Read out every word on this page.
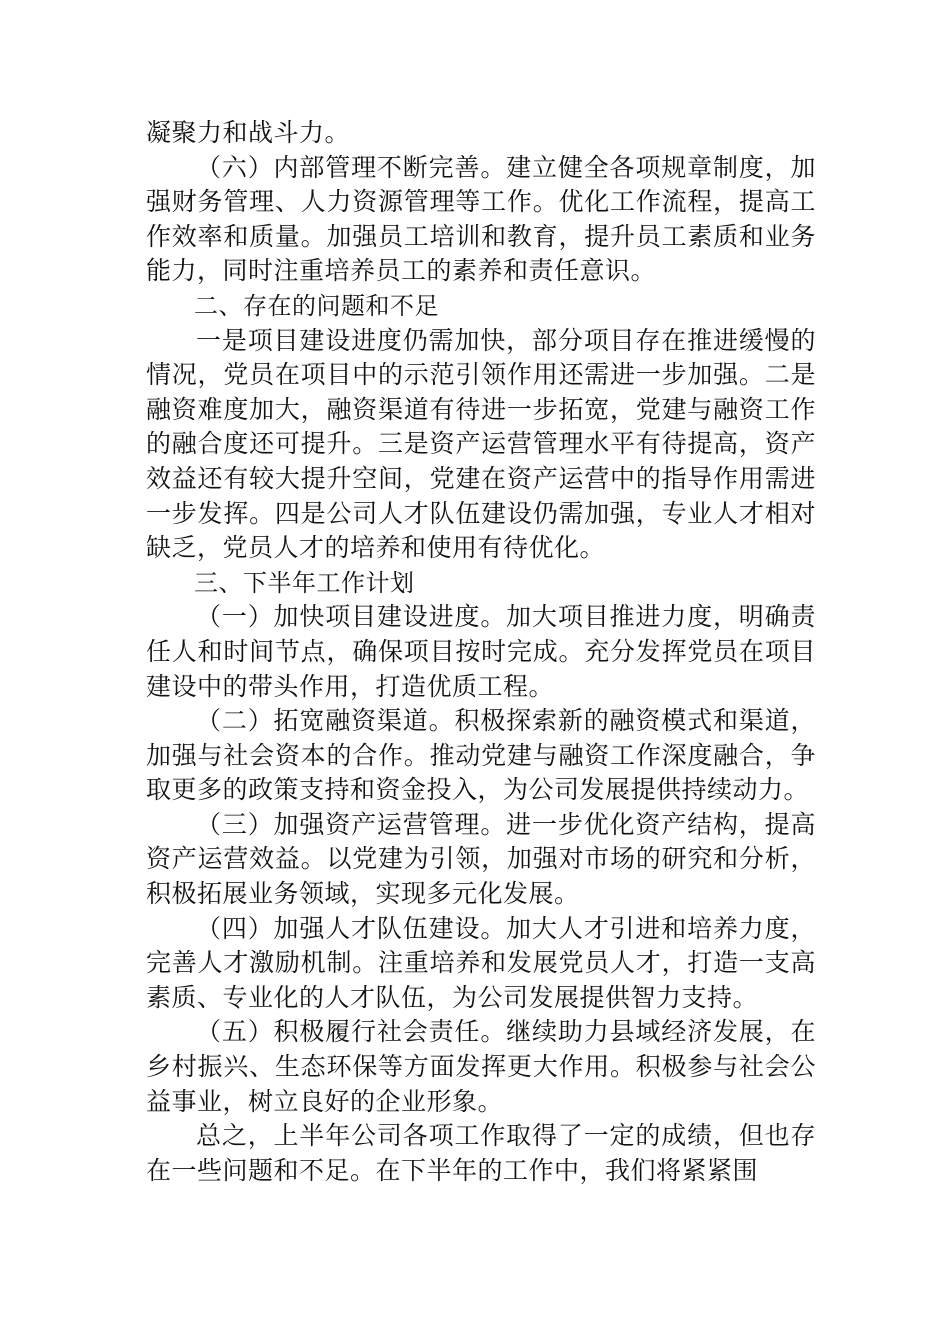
凝聚力和战斗力。

（六）内部管理不断完善。建立健全各项规章制度，加强财务管理、人力资源管理等工作。优化工作流程，提高工作效率和质量。加强员工培训和教育，提升员工素质和业务能力，同时注重培养员工的素养和责任意识。

二、存在的问题和不足

一是项目建设进度仍需加快，部分项目存在推进缓慢的情况，党员在项目中的示范引领作用还需进一步加强。二是融资难度加大，融资渠道有待进一步拓宽，党建与融资工作的融合度还可提升。三是资产运营管理水平有待提高，资产效益还有较大提升空间，党建在资产运营中的指导作用需进一步发挥。四是公司人才队伍建设仍需加强，专业人才相对缺乏，党员人才的培养和使用有待优化。

三、下半年工作计划

（一）加快项目建设进度。加大项目推进力度，明确责任人和时间节点，确保项目按时完成。充分发挥党员在项目建设中的带头作用，打造优质工程。

（二）拓宽融资渠道。积极探索新的融资模式和渠道，加强与社会资本的合作。推动党建与融资工作深度融合，争取更多的政策支持和资金投入，为公司发展提供持续动力。

（三）加强资产运营管理。进一步优化资产结构，提高资产运营效益。以党建为引领，加强对市场的研究和分析，积极拓展业务领域，实现多元化发展。

（四）加强人才队伍建设。加大人才引进和培养力度，完善人才激励机制。注重培养和发展党员人才，打造一支高素质、专业化的人才队伍，为公司发展提供智力支持。

（五）积极履行社会责任。继续助力县域经济发展，在乡村振兴、生态环保等方面发挥更大作用。积极参与社会公益事业，树立良好的企业形象。

总之，上半年公司各项工作取得了一定的成绩，但也存在一些问题和不足。在下半年的工作中，我们将紧紧围
